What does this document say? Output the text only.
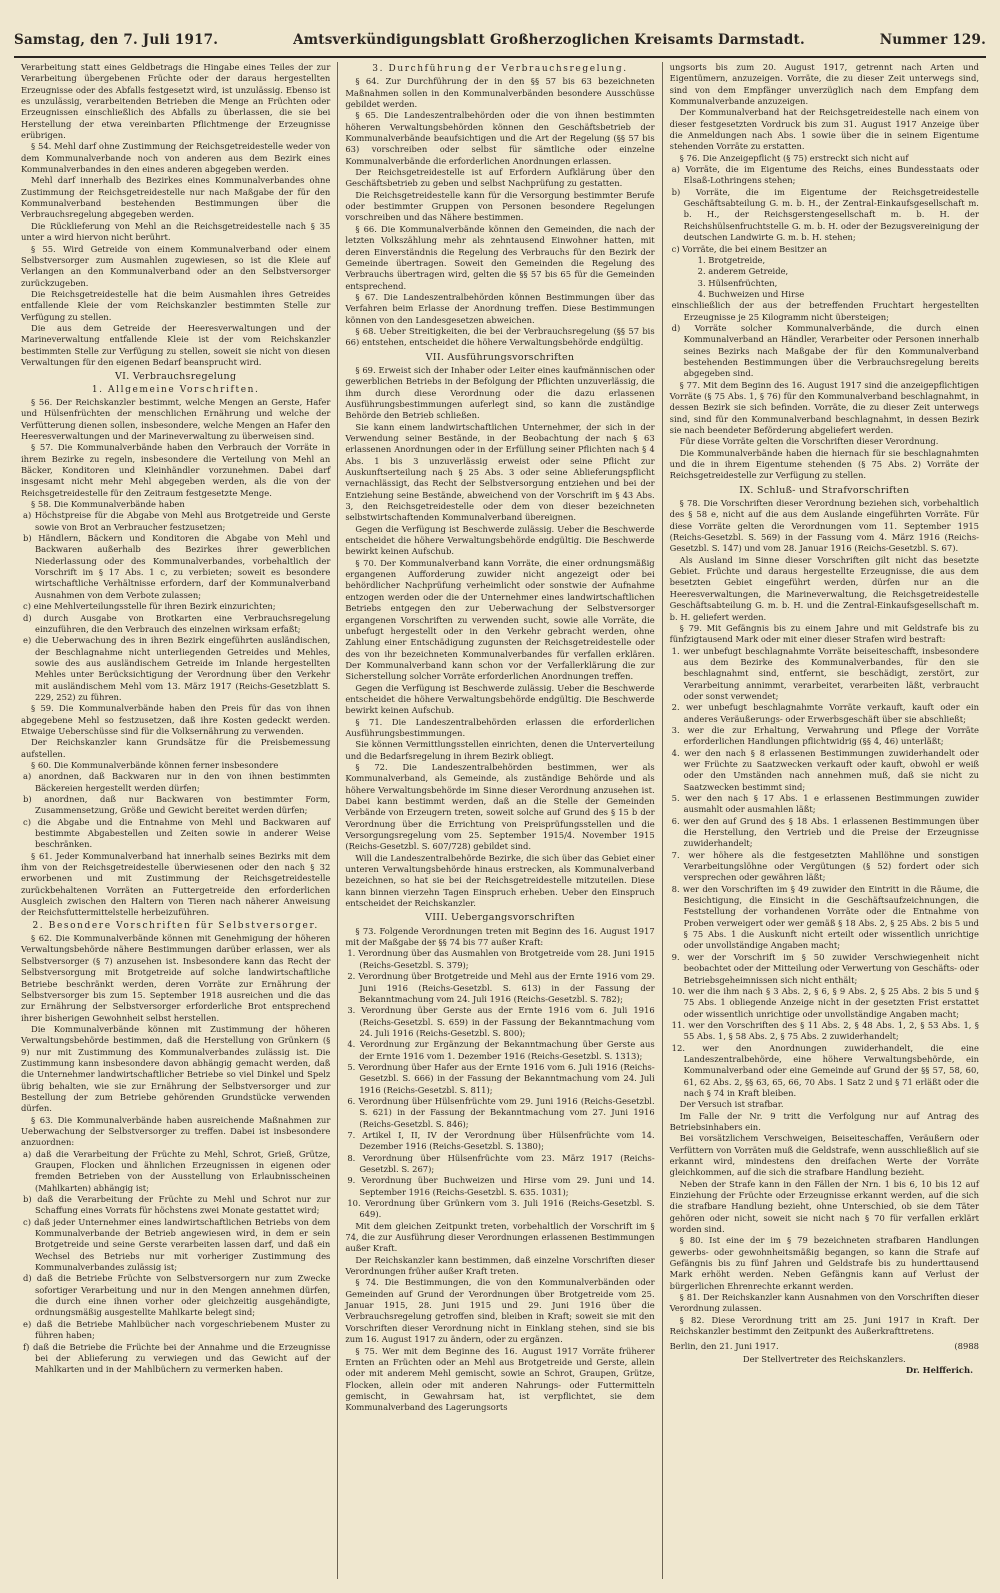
Samstag, den 7. Juli 1917.	Amtsverkündigungsblatt Großherzoglichen Kreisamts Darmstadt.	Nummer 129.

Verarbeitung statt eines Geldbetrags die Hingabe eines Teiles der zur Verarbeitung übergebenen Früchte oder der daraus hergestellten Erzeugnisse oder des Abfalls festgesetzt wird, ist unzulässig. Ebenso ist es unzulässig, verarbeitenden Betrieben die Menge an Früchten oder Erzeugnissen einschließlich des Abfalls zu überlassen, die sie bei Herstellung der etwa vereinbarten Pflichtmenge der Erzeugnisse erübrigen.

§ 54. Mehl darf ohne Zustimmung der Reichsgetreidestelle weder von dem Kommunalverbande noch von anderen aus dem Bezirk eines Kommunalverbandes in den eines anderen abgegeben werden.

Mehl darf innerhalb des Bezirkes eines Kommunalverbandes ohne Zustimmung der Reichsgetreidestelle nur nach Maßgabe der für den Kommunalverband bestehenden Bestimmungen über die Verbrauchsregelung abgegeben werden.

Die Rücklieferung von Mehl an die Reichsgetreidestelle nach § 35 unter a wird hiervon nicht berührt.

§ 55. Wird Getreide von einem Kommunalverband oder einem Selbstversorger zum Ausmahlen zugewiesen, so ist die Kleie auf Verlangen an den Kommunalverband oder an den Selbstversorger zurückzugeben.

Die Reichsgetreidestelle hat die beim Ausmahlen ihres Getreides entfallende Kleie der vom Reichskanzler bestimmten Stelle zur Verfügung zu stellen.

Die aus dem Getreide der Heeresverwaltungen und der Marineverwaltung entfallende Kleie ist der vom Reichskanzler bestimmten Stelle zur Verfügung zu stellen, soweit sie nicht von diesen Verwaltungen für den eigenen Bedarf beansprucht wird.

VI. Verbrauchsregelung
1. Allgemeine Vorschriften.

§ 56. Der Reichskanzler bestimmt, welche Mengen an Gerste, Hafer und Hülsenfrüchten der menschlichen Ernährung und welche der Verfütterung dienen sollen, insbesondere, welche Mengen an Hafer den Heeresverwaltungen und der Marineverwaltung zu überweisen sind.

§ 57. Die Kommunalverbände haben den Verbrauch der Vorräte in ihrem Bezirke zu regeln, insbesondere die Verteilung von Mehl an Bäcker, Konditoren und Kleinhändler vorzunehmen. Dabei darf insgesamt nicht mehr Mehl abgegeben werden, als die von der Reichsgetreidestelle für den Zeitraum festgesetzte Menge.

§ 58. Die Kommunalverbände haben

a) Höchstpreise für die Abgabe von Mehl aus Brotgetreide und Gerste sowie von Brot an Verbraucher festzusetzen;
b) Händlern, Bäckern und Konditoren die Abgabe von Mehl und Backwaren außerhalb des Bezirkes ihrer gewerblichen Niederlassung oder des Kommunalverbandes, vorbehaltlich der Vorschrift im § 17 Abs. 1 c, zu verbieten; soweit es besondere wirtschaftliche Verhältnisse erfordern, darf der Kommunalverband Ausnahmen von dem Verbote zulassen;
c) eine Mehlverteilungsstelle für ihren Bezirk einzurichten;
d) durch Ausgabe von Brotkarten eine Verbrauchsregelung einzuführen, die den Verbrauch des einzelnen wirksam erfaßt;
e) die Ueberwachung des in ihren Bezirk eingeführten ausländischen, der Beschlagnahme nicht unterliegenden Getreides und Mehles, sowie des aus ausländischem Getreide im Inlande hergestellten Mehles unter Berücksichtigung der Verordnung über den Verkehr mit ausländischem Mehl vom 13. März 1917 (Reichs-Gesetzblatt S. 229, 252) zu führen.

§ 59. Die Kommunalverbände haben den Preis für das von ihnen abgegebene Mehl so festzusetzen, daß ihre Kosten gedeckt werden. Etwaige Ueberschüsse sind für die Volksernährung zu verwenden.

Der Reichskanzler kann Grundsätze für die Preisbemessung aufstellen.

§ 60. Die Kommunalverbände können ferner insbesondere

a) anordnen, daß Backwaren nur in den von ihnen bestimmten Bäckereien hergestellt werden dürfen;
b) anordnen, daß nur Backwaren von bestimmter Form, Zusammensetzung, Größe und Gewicht bereitet werden dürfen;
c) die Abgabe und die Entnahme von Mehl und Backwaren auf bestimmte Abgabestellen und Zeiten sowie in anderer Weise beschränken.

§ 61. Jeder Kommunalverband hat innerhalb seines Bezirks mit dem ihm von der Reichsgetreidestelle überwiesenen oder den nach § 32 erworbenen und mit Zustimmung der Reichsgetreidestelle zurückbehaltenen Vorräten an Futtergetreide den erforderlichen Ausgleich zwischen den Haltern von Tieren nach näherer Anweisung der Reichsfuttermittelstelle herbeizuführen.

2. Besondere Vorschriften für Selbstversorger.

§ 62. Die Kommunalverbände können mit Genehmigung der höheren Verwaltungsbehörde nähere Bestimmungen darüber erlassen, wer als Selbstversorger (§ 7) anzusehen ist. Insbesondere kann das Recht der Selbstversorgung mit Brotgetreide auf solche landwirtschaftliche Betriebe beschränkt werden, deren Vorräte zur Ernährung der Selbstversorger bis zum 15. September 1918 ausreichen und die das zur Ernährung der Selbstversorger erforderliche Brot entsprechend ihrer bisherigen Gewohnheit selbst herstellen.

Die Kommunalverbände können mit Zustimmung der höheren Verwaltungsbehörde bestimmen, daß die Herstellung von Grünkern (§ 9) nur mit Zustimmung des Kommunalverbandes zulässig ist. Die Zustimmung kann insbesondere davon abhängig gemacht werden, daß die Unternehmer landwirtschaftlicher Betriebe so viel Dinkel und Spelz übrig behalten, wie sie zur Ernährung der Selbstversorger und zur Bestellung der zum Betriebe gehörenden Grundstücke verwenden dürfen.

§ 63. Die Kommunalverbände haben ausreichende Maßnahmen zur Ueberwachung der Selbstversorger zu treffen. Dabei ist insbesondere anzuordnen:

a) daß die Verarbeitung der Früchte zu Mehl, Schrot, Grieß, Grütze, Graupen, Flocken und ähnlichen Erzeugnissen in eigenen oder fremden Betrieben von der Ausstellung von Erlaubnisscheinen (Mahlkarten) abhängig ist;
b) daß die Verarbeitung der Früchte zu Mehl und Schrot nur zur Schaffung eines Vorrats für höchstens zwei Monate gestattet wird;
c) daß jeder Unternehmer eines landwirtschaftlichen Betriebs von dem Kommunalverbande der Betrieb angewiesen wird, in dem er sein Brotgetreide und seine Gerste verarbeiten lassen darf, und daß ein Wechsel des Betriebs nur mit vorheriger Zustimmung des Kommunalverbandes zulässig ist;
d) daß die Betriebe Früchte von Selbstversorgern nur zum Zwecke sofortiger Verarbeitung und nur in den Mengen annehmen dürfen, die durch eine ihnen vorher oder gleichzeitig ausgehändigte, ordnungsmäßig ausgestellte Mahlkarte belegt sind;
e) daß die Betriebe Mahlbücher nach vorgeschriebenem Muster zu führen haben;
f) daß die Betriebe die Früchte bei der Annahme und die Erzeugnisse bei der Ablieferung zu verwiegen und das Gewicht auf der Mahlkarten und in der Mahlbüchern zu vermerken haben.
3. Durchführung der Verbrauchsregelung.

§ 64. Zur Durchführung der in den §§ 57 bis 63 bezeichneten Maßnahmen sollen in den Kommunalverbänden besondere Ausschüsse gebildet werden.

§ 65. Die Landeszentralbehörden oder die von ihnen bestimmten höheren Verwaltungsbehörden können den Geschäftsbetrieb der Kommunalverbände beaufsichtigen und die Art der Regelung (§§ 57 bis 63) vorschreiben oder selbst für sämtliche oder einzelne Kommunalverbände die erforderlichen Anordnungen erlassen.

Der Reichsgetreidestelle ist auf Erfordern Aufklärung über den Geschäftsbetrieb zu geben und selbst Nachprüfung zu gestatten.

Die Reichsgetreidestelle kann für die Versorgung bestimmter Berufe oder bestimmter Gruppen von Personen besondere Regelungen vorschreiben und das Nähere bestimmen.

§ 66. Die Kommunalverbände können den Gemeinden, die nach der letzten Volkszählung mehr als zehntausend Einwohner hatten, mit deren Einverständnis die Regelung des Verbrauchs für den Bezirk der Gemeinde übertragen. Soweit den Gemeinden die Regelung des Verbrauchs übertragen wird, gelten die §§ 57 bis 65 für die Gemeinden entsprechend.

§ 67. Die Landeszentralbehörden können Bestimmungen über das Verfahren beim Erlasse der Anordnung treffen. Diese Bestimmungen können von den Landesgesetzen abweichen.

§ 68. Ueber Streitigkeiten, die bei der Verbrauchsregelung (§§ 57 bis 66) entstehen, entscheidet die höhere Verwaltungsbehörde endgültig.

VII. Ausführungsvorschriften

§ 69. Erweist sich der Inhaber oder Leiter eines kaufmännischen oder gewerblichen Betriebs in der Befolgung der Pflichten unzuverlässig, die ihm durch diese Verordnung oder die dazu erlassenen Ausführungsbestimmungen auferlegt sind, so kann die zuständige Behörde den Betrieb schließen.

Sie kann einem landwirtschaftlichen Unternehmer, der sich in der Verwendung seiner Bestände, in der Beobachtung der nach § 63 erlassenen Anordnungen oder in der Erfüllung seiner Pflichten nach § 4 Abs. 1 bis 3 unzuverlässig erweist oder seine Pflicht zur Auskunftserteilung nach § 25 Abs. 3 oder seine Ablieferungspflicht vernachlässigt, das Recht der Selbstversorgung entziehen und bei der Entziehung seine Bestände, abweichend von der Vorschrift im § 43 Abs. 3, den Reichsgetreidestelle oder dem von dieser bezeichneten selbstwirtschaftenden Kommunalverband übereignen.

Gegen die Verfügung ist Beschwerde zulässig. Ueber die Beschwerde entscheidet die höhere Verwaltungsbehörde endgültig. Die Beschwerde bewirkt keinen Aufschub.

§ 70. Der Kommunalverband kann Vorräte, die einer ordnungsmäßig ergangenen Aufforderung zuwider nicht angezeigt oder bei behördlicher Nachprüfung verheimlicht oder sonstwie der Aufnahme entzogen werden oder die der Unternehmer eines landwirtschaftlichen Betriebs entgegen den zur Ueberwachung der Selbstversorger ergangenen Vorschriften zu verwenden sucht, sowie alle Vorräte, die unbefugt hergestellt oder in den Verkehr gebracht werden, ohne Zahlung einer Entschädigung zugunsten der Reichsgetreidestelle oder des von ihr bezeichneten Kommunalverbandes für verfallen erklären. Der Kommunalverband kann schon vor der Verfallerklärung die zur Sicherstellung solcher Vorräte erforderlichen Anordnungen treffen.

Gegen die Verfügung ist Beschwerde zulässig. Ueber die Beschwerde entscheidet die höhere Verwaltungsbehörde endgültig. Die Beschwerde bewirkt keinen Aufschub.

§ 71. Die Landeszentralbehörden erlassen die erforderlichen Ausführungsbestimmungen.

Sie können Vermittlungsstellen einrichten, denen die Unterverteilung und die Bedarfsregelung in ihrem Bezirk obliegt.

§ 72. Die Landeszentralbehörden bestimmen, wer als Kommunalverband, als Gemeinde, als zuständige Behörde und als höhere Verwaltungsbehörde im Sinne dieser Verordnung anzusehen ist. Dabei kann bestimmt werden, daß an die Stelle der Gemeinden Verbände von Erzeugern treten, soweit solche auf Grund des § 15 b der Verordnung über die Errichtung von Preisprüfungsstellen und die Versorgungsregelung vom 25. September 1915/4. November 1915 (Reichs-Gesetzbl. S. 607/728) gebildet sind.

Will die Landeszentralbehörde Bezirke, die sich über das Gebiet einer unteren Verwaltungsbehörde hinaus erstrecken, als Kommunalverband bezeichnen, so hat sie bei der Reichsgetreidestelle mitzuteilen. Diese kann binnen vierzehn Tagen Einspruch erheben. Ueber den Einspruch entscheidet der Reichskanzler.

VIII. Uebergangsvorschriften

§ 73. Folgende Verordnungen treten mit Beginn des 16. August 1917 mit der Maßgabe der §§ 74 bis 77 außer Kraft:

1. Verordnung über das Ausmahlen von Brotgetreide vom 28. Juni 1915 (Reichs-Gesetzbl. S. 379);
2. Verordnung über Brotgetreide und Mehl aus der Ernte 1916 vom 29. Juni 1916 (Reichs-Gesetzbl. S. 613) in der Fassung der Bekanntmachung vom 24. Juli 1916 (Reichs-Gesetzbl. S. 782);
3. Verordnung über Gerste aus der Ernte 1916 vom 6. Juli 1916 (Reichs-Gesetzbl. S. 659) in der Fassung der Bekanntmachung vom 24. Juli 1916 (Reichs-Gesetzbl. S. 800);
4. Verordnung zur Ergänzung der Bekanntmachung über Gerste aus der Ernte 1916 vom 1. Dezember 1916 (Reichs-Gesetzbl. S. 1313);
5. Verordnung über Hafer aus der Ernte 1916 vom 6. Juli 1916 (Reichs-Gesetzbl. S. 666) in der Fassung der Bekanntmachung vom 24. Juli 1916 (Reichs-Gesetzbl. S. 811);
6. Verordnung über Hülsenfrüchte vom 29. Juni 1916 (Reichs-Gesetzbl. S. 621) in der Fassung der Bekanntmachung vom 27. Juni 1916 (Reichs-Gesetzbl. S. 846);
7. Artikel I, II, IV der Verordnung über Hülsenfrüchte vom 14. Dezember 1916 (Reichs-Gesetzbl. S. 1380);
8. Verordnung über Hülsenfrüchte vom 23. März 1917 (Reichs-Gesetzbl. S. 267);
9. Verordnung über Buchweizen und Hirse vom 29. Juni und 14. September 1916 (Reichs-Gesetzbl. S. 635. 1031);
10. Verordnung über Grünkern vom 3. Juli 1916 (Reichs-Gesetzbl. S. 649).

Mit dem gleichen Zeitpunkt treten, vorbehaltlich der Vorschrift im § 74, die zur Ausführung dieser Verordnungen erlassenen Bestimmungen außer Kraft.

Der Reichskanzler kann bestimmen, daß einzelne Vorschriften dieser Verordnungen früher außer Kraft treten.

§ 74. Die Bestimmungen, die von den Kommunalverbänden oder Gemeinden auf Grund der Verordnungen über Brotgetreide vom 25. Januar 1915, 28. Juni 1915 und 29. Juni 1916 über die Verbrauchsregelung getroffen sind, bleiben in Kraft; soweit sie mit den Vorschriften dieser Verordnung nicht in Einklang stehen, sind sie bis zum 16. August 1917 zu ändern, oder zu ergänzen.

§ 75. Wer mit dem Beginne des 16. August 1917 Vorräte früherer Ernten an Früchten oder an Mehl aus Brotgetreide und Gerste, allein oder mit anderem Mehl gemischt, sowie an Schrot, Graupen, Grütze, Flocken, allein oder mit anderen Nahrungs- oder Futtermitteln gemischt, in Gewahrsam hat, ist verpflichtet, sie dem Kommunalverband des Lagerungsorts

ungsorts bis zum 20. August 1917, getrennt nach Arten und Eigentümern, anzuzeigen. Vorräte, die zu dieser Zeit unterwegs sind, sind von dem Empfänger unverzüglich nach dem Empfang dem Kommunalverbande anzuzeigen.

Der Kommunalverband hat der Reichsgetreidestelle nach einem von dieser festgesetzten Vordruck bis zum 31. August 1917 Anzeige über die Anmeldungen nach Abs. 1 sowie über die in seinem Eigentume stehenden Vorräte zu erstatten.

§ 76. Die Anzeigepflicht (§ 75) erstreckt sich nicht auf

a) Vorräte, die im Eigentume des Reichs, eines Bundesstaats oder Elsaß-Lothringens stehen;
b) Vorräte, die im Eigentume der Reichsgetreidestelle Geschäftsabteilung G. m. b. H., der Zentral-Einkaufsgesellschaft m. b. H., der Reichsgerstengesellschaft m. b. H. der Reichshülsenfruchtstelle G. m. b. H. oder der Bezugsvereinigung der deutschen Landwirte G. m. b. H. stehen;
c) Vorräte, die bei einem Besitzer an
1. Brotgetreide,
2. anderem Getreide,
3. Hülsenfrüchten,
4. Buchweizen und Hirse
einschließlich der aus der betreffenden Fruchtart hergestellten Erzeugnisse je 25 Kilogramm nicht übersteigen;
d) Vorräte solcher Kommunalverbände, die durch einen Kommunalverband an Händler, Verarbeiter oder Personen innerhalb seines Bezirks nach Maßgabe der für den Kommunalverband bestehenden Bestimmungen über die Verbrauchsregelung bereits abgegeben sind.

§ 77. Mit dem Beginn des 16. August 1917 sind die anzeigepflichtigen Vorräte (§ 75 Abs. 1, § 76) für den Kommunalverband beschlagnahmt, in dessen Bezirk sie sich befinden. Vorräte, die zu dieser Zeit unterwegs sind, sind für den Kommunalverband beschlagnahmt, in dessen Bezirk sie nach beendeter Beförderung abgeliefert werden.

Für diese Vorräte gelten die Vorschriften dieser Verordnung.

Die Kommunalverbände haben die hiernach für sie beschlagnahmten und die in ihrem Eigentume stehenden (§ 75 Abs. 2) Vorräte der Reichsgetreidestelle zur Verfügung zu stellen.

IX. Schluß- und Strafvorschriften

§ 78. Die Vorschriften dieser Verordnung beziehen sich, vorbehaltlich des § 58 e, nicht auf die aus dem Auslande eingeführten Vorräte. Für diese Vorräte gelten die Verordnungen vom 11. September 1915 (Reichs-Gesetzbl. S. 569) in der Fassung vom 4. März 1916 (Reichs-Gesetzbl. S. 147) und vom 28. Januar 1916 (Reichs-Gesetzbl. S. 67).

Als Ausland im Sinne dieser Vorschriften gilt nicht das besetzte Gebiet. Früchte und daraus hergestellte Erzeugnisse, die aus dem besetzten Gebiet eingeführt werden, dürfen nur an die Heeresverwaltungen, die Marineverwaltung, die Reichsgetreidestelle Geschäftsabteilung G. m. b. H. und die Zentral-Einkaufsgesellschaft m. b. H. geliefert werden.

§ 79. Mit Gefängnis bis zu einem Jahre und mit Geldstrafe bis zu fünfzigtausend Mark oder mit einer dieser Strafen wird bestraft:

1. wer unbefugt beschlagnahmte Vorräte beiseiteschafft, insbesondere aus dem Bezirke des Kommunalverbandes, für den sie beschlagnahmt sind, entfernt, sie beschädigt, zerstört, zur Verarbeitung annimmt, verarbeitet, verarbeiten läßt, verbraucht oder sonst verwendet;
2. wer unbefugt beschlagnahmte Vorräte verkauft, kauft oder ein anderes Veräußerungs- oder Erwerbsgeschäft über sie abschließt;
3. wer die zur Erhaltung, Verwahrung und Pflege der Vorräte erforderlichen Handlungen pflichtwidrig (§§ 4, 46) unterläßt;
4. wer den nach § 8 erlassenen Bestimmungen zuwiderhandelt oder wer Früchte zu Saatzwecken verkauft oder kauft, obwohl er weiß oder den Umständen nach annehmen muß, daß sie nicht zu Saatzwecken bestimmt sind;
5. wer den nach § 17 Abs. 1 e erlassenen Bestimmungen zuwider ausmahlt oder ausmahlen läßt;
6. wer den auf Grund des § 18 Abs. 1 erlassenen Bestimmungen über die Herstellung, den Vertrieb und die Preise der Erzeugnisse zuwiderhandelt;
7. wer höhere als die festgesetzten Mahllöhne und sonstigen Verarbeitungslöhne oder Vergütungen (§ 52) fordert oder sich versprechen oder gewähren läßt;
8. wer den Vorschriften im § 49 zuwider den Eintritt in die Räume, die Besichtigung, die Einsicht in die Geschäftsaufzeichnungen, die Feststellung der vorhandenen Vorräte oder die Entnahme von Proben verweigert oder wer gemäß § 18 Abs. 2, § 25 Abs. 2 bis 5 und § 75 Abs. 1 die Auskunft nicht erteilt oder wissentlich unrichtige oder unvollständige Angaben macht;
9. wer der Vorschrift im § 50 zuwider Verschwiegenheit nicht beobachtet oder der Mitteilung oder Verwertung von Geschäfts- oder Betriebsgeheimnissen sich nicht enthält;
10. wer die ihm nach § 3 Abs. 2, § 6, § 9 Abs. 2, § 25 Abs. 2 bis 5 und § 75 Abs. 1 obliegende Anzeige nicht in der gesetzten Frist erstattet oder wissentlich unrichtige oder unvollständige Angaben macht;
11. wer den Vorschriften des § 11 Abs. 2, § 48 Abs. 1, 2, § 53 Abs. 1, § 55 Abs. 1, § 58 Abs. 2, § 75 Abs. 2 zuwiderhandelt;
12. wer den Anordnungen zuwiderhandelt, die eine Landeszentralbehörde, eine höhere Verwaltungsbehörde, ein Kommunalverband oder eine Gemeinde auf Grund der §§ 57, 58, 60, 61, 62 Abs. 2, §§ 63, 65, 66, 70 Abs. 1 Satz 2 und § 71 erläßt oder die nach § 74 in Kraft bleiben.

Der Versuch ist strafbar.

Im Falle der Nr. 9 tritt die Verfolgung nur auf Antrag des Betriebsinhabers ein.

Bei vorsätzlichem Verschweigen, Beiseiteschaffen, Veräußern oder Verfüttern von Vorräten muß die Geldstrafe, wenn ausschließlich auf sie erkannt wird, mindestens den dreifachen Werte der Vorräte gleichkommen, auf die sich die strafbare Handlung bezieht.

Neben der Strafe kann in den Fällen der Nrn. 1 bis 6, 10 bis 12 auf Einziehung der Früchte oder Erzeugnisse erkannt werden, auf die sich die strafbare Handlung bezieht, ohne Unterschied, ob sie dem Täter gehören oder nicht, soweit sie nicht nach § 70 für verfallen erklärt worden sind.

§ 80. Ist eine der im § 79 bezeichneten strafbaren Handlungen gewerbs- oder gewohnheitsmäßig begangen, so kann die Strafe auf Gefängnis bis zu fünf Jahren und Geldstrafe bis zu hunderttausend Mark erhöht werden. Neben Gefängnis kann auf Verlust der bürgerlichen Ehrenrechte erkannt werden.

§ 81. Der Reichskanzler kann Ausnahmen von den Vorschriften dieser Verordnung zulassen.

§ 82. Diese Verordnung tritt am 25. Juni 1917 in Kraft. Der Reichskanzler bestimmt den Zeitpunkt des Außerkrafttretens.

Berlin, den 21. Juni 1917.	(8988
Der Stellvertreter des Reichskanzlers.
Dr. Helfferich.
